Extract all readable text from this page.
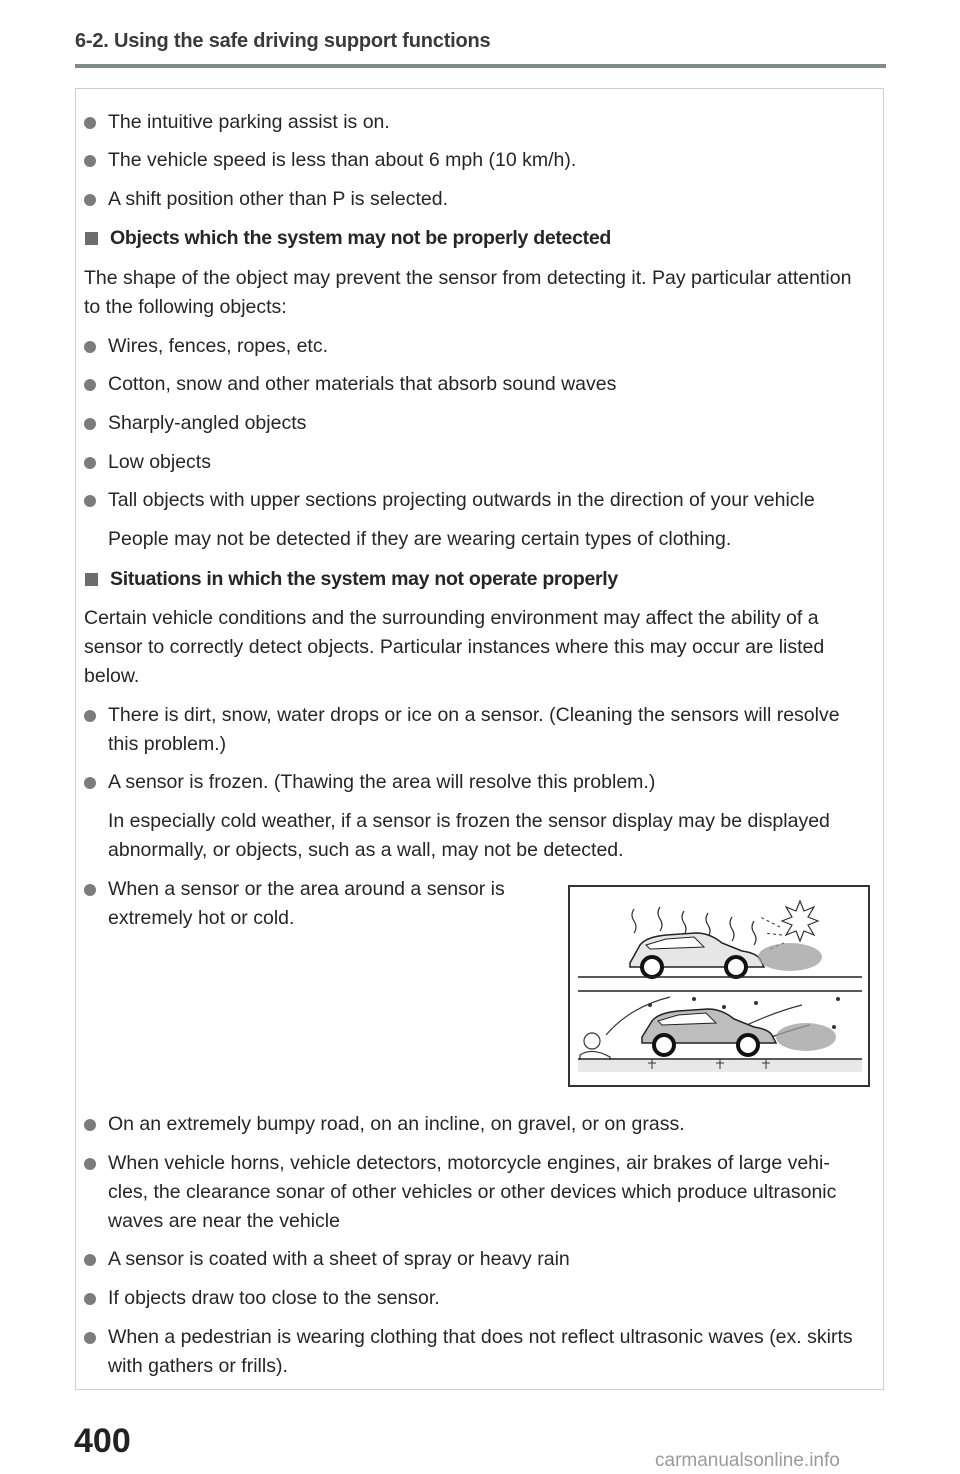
6-2. Using the safe driving support functions
The intuitive parking assist is on.
The vehicle speed is less than about 6 mph (10 km/h).
A shift position other than P is selected.
Objects which the system may not be properly detected
The shape of the object may prevent the sensor from detecting it. Pay particular attention
to the following objects:
Wires, fences, ropes, etc.
Cotton, snow and other materials that absorb sound waves
Sharply-angled objects
Low objects
Tall objects with upper sections projecting outwards in the direction of your vehicle
People may not be detected if they are wearing certain types of clothing.
Situations in which the system may not operate properly
Certain vehicle conditions and the surrounding environment may affect the ability of a
sensor to correctly detect objects. Particular instances where this may occur are listed
below.
There is dirt, snow, water drops or ice on a sensor. (Cleaning the sensors will resolve
this problem.)
A sensor is frozen. (Thawing the area will resolve this problem.)
In especially cold weather, if a sensor is frozen the sensor display may be displayed
abnormally, or objects, such as a wall, may not be detected.
When a sensor or the area around a sensor is
extremely hot or cold.
On an extremely bumpy road, on an incline, on gravel, or on grass.
When vehicle horns, vehicle detectors, motorcycle engines, air brakes of large vehi-
cles, the clearance sonar of other vehicles or other devices which produce ultrasonic
waves are near the vehicle
A sensor is coated with a sheet of spray or heavy rain
If objects draw too close to the sensor.
When a pedestrian is wearing clothing that does not reflect ultrasonic waves (ex. skirts
with gathers or frills).
400
carmanualsonline.info
